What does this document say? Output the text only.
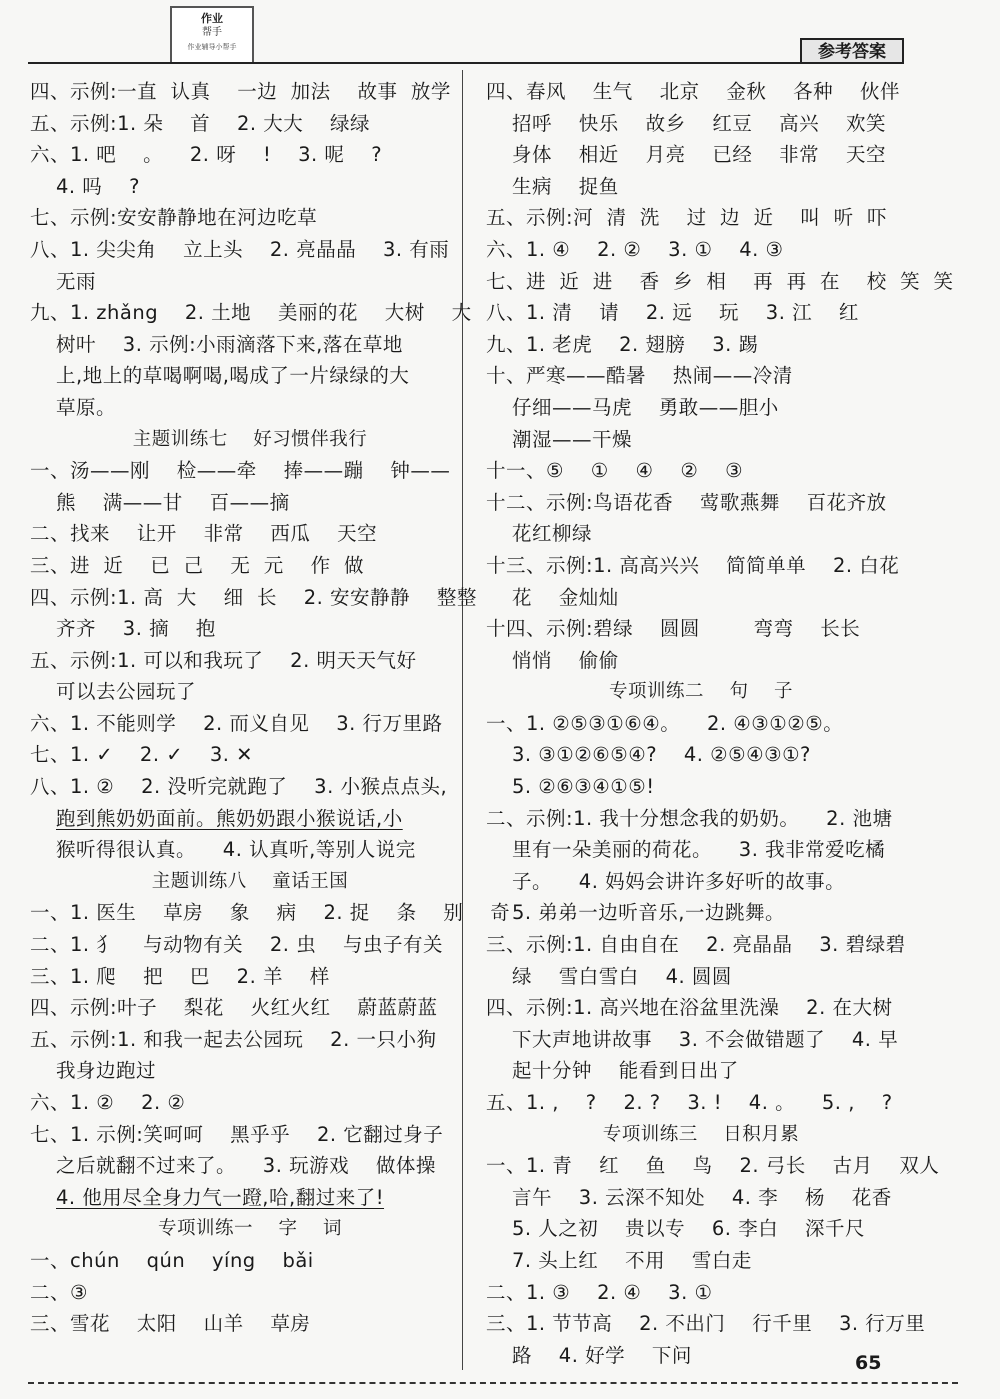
作业
帮手
作业辅导小帮手	参考答案
四、示例:一直  认真    一边  加法    故事  放学
五、示例:1. 朵    首    2. 大大    绿绿
六、1. 吧    。    2. 呀    !    3. 呢    ?
4. 吗    ?
七、示例:安安静静地在河边吃草
八、1. 尖尖角    立上头    2. 亮晶晶    3. 有雨
无雨
九、1. zhǎng    2. 土地    美丽的花    大树    大
树叶    3. 示例:小雨滴落下来,落在草地
上,地上的草喝啊喝,喝成了一片绿绿的大
草原。
主题训练七    好习惯伴我行
一、汤——刚    检——牵    捧——蹦    钟——
熊    满——甘    百——摘
二、找来    让开    非常    西瓜    天空
三、进  近    已  己    无  元    作  做
四、示例:1. 高  大    细  长    2. 安安静静    整整
齐齐    3. 摘    抱
五、示例:1. 可以和我玩了    2. 明天天气好
可以去公园玩了
六、1. 不能则学    2. 而义自见    3. 行万里路
七、1. ✓    2. ✓    3. ✕
八、1. ②    2. 没听完就跑了    3. 小猴点点头,
跑到熊奶奶面前。熊奶奶跟小猴说话,小
猴听得很认真。    4. 认真听,等别人说完
主题训练八    童话王国
一、1. 医生    草房    象    病    2. 捉    条    别    奇
二、1. 犭    与动物有关    2. 虫    与虫子有关
三、1. 爬    把    巴    2. 羊    样
四、示例:叶子    梨花    火红火红    蔚蓝蔚蓝
五、示例:1. 和我一起去公园玩    2. 一只小狗
我身边跑过
六、1. ②    2. ②
七、1. 示例:笑呵呵    黑乎乎    2. 它翻过身子
之后就翻不过来了。    3. 玩游戏    做体操
4. 他用尽全身力气一蹬,哈,翻过来了!
专项训练一    字    词
一、chún    qún    yíng    bǎi
二、③
三、雪花    太阳    山羊    草房
四、春风    生气    北京    金秋    各种    伙伴
招呼    快乐    故乡    红豆    高兴    欢笑
身体    相近    月亮    已经    非常    天空
生病    捉鱼
五、示例:河  清  洗    过  边  近    叫  听  吓
六、1. ④    2. ②    3. ①    4. ③
七、进  近  进    香  乡  相    再  再  在    校  笑  笑
八、1. 清    请    2. 远    玩    3. 江    红
九、1. 老虎    2. 翅膀    3. 踢
十、严寒——酷暑    热闹——冷清
仔细——马虎    勇敢——胆小
潮湿——干燥
十一、⑤    ①    ④    ②    ③
十二、示例:鸟语花香    莺歌燕舞    百花齐放
花红柳绿
十三、示例:1. 高高兴兴    简简单单    2. 白花
花    金灿灿
十四、示例:碧绿    圆圆        弯弯    长长
悄悄    偷偷
专项训练二    句    子
一、1. ②⑤③①⑥④。    2. ④③①②⑤。
3. ③①②⑥⑤④?    4. ②⑤④③①?
5. ②⑥③④①⑤!
二、示例:1. 我十分想念我的奶奶。    2. 池塘
里有一朵美丽的荷花。    3. 我非常爱吃橘
子。    4. 妈妈会讲许多好听的故事。
5. 弟弟一边听音乐,一边跳舞。
三、示例:1. 自由自在    2. 亮晶晶    3. 碧绿碧
绿    雪白雪白    4. 圆圆
四、示例:1. 高兴地在浴盆里洗澡    2. 在大树
下大声地讲故事    3. 不会做错题了    4. 早
起十分钟    能看到日出了
五、1. ,    ?    2. ?    3. !    4. 。    5. ,    ?
专项训练三    日积月累
一、1. 青    红    鱼    鸟    2. 弓长    古月    双人
言午    3. 云深不知处    4. 李    杨    花香
5. 人之初    贵以专    6. 李白    深千尺
7. 头上红    不用    雪白走
二、1. ③    2. ④    3. ①
三、1. 节节高    2. 不出门    行千里    3. 行万里
路    4. 好学    下问	65
